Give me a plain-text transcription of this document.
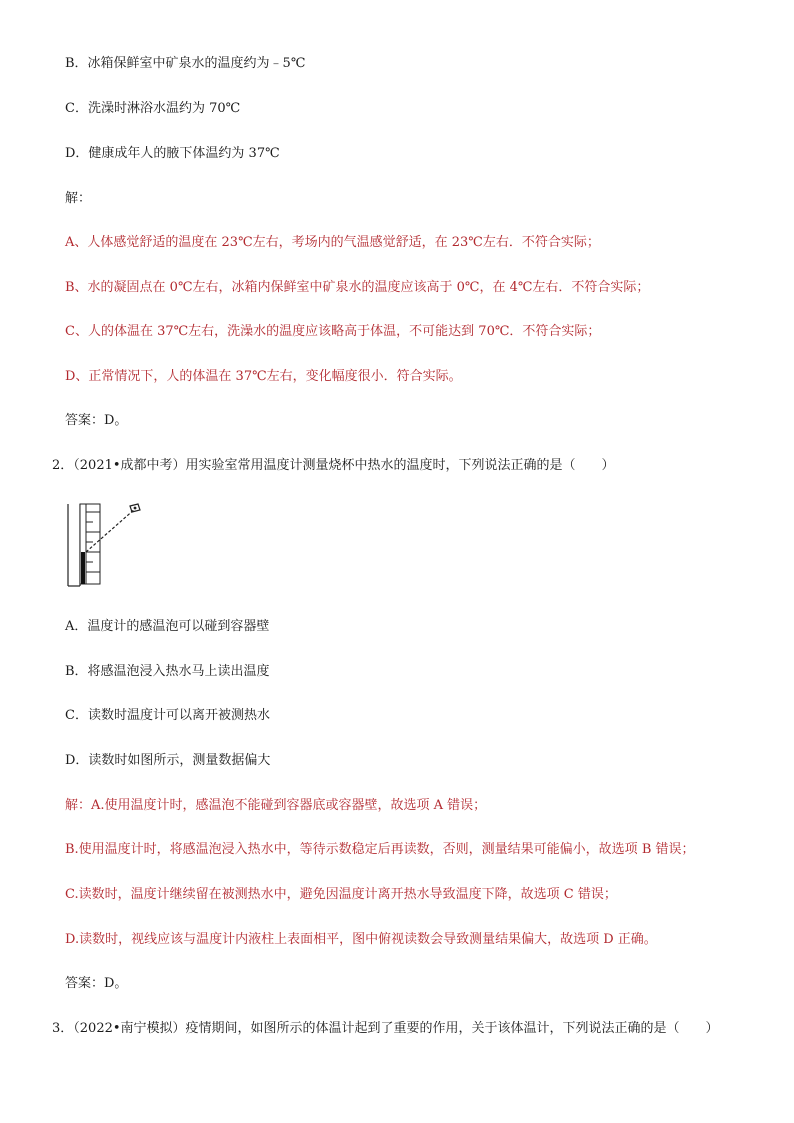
B．冰箱保鲜室中矿泉水的温度约为﹣5℃
C．洗澡时淋浴水温约为 70℃
D．健康成年人的腋下体温约为 37℃
解：
A、人体感觉舒适的温度在 23℃左右，考场内的气温感觉舒适，在 23℃左右．不符合实际；
B、水的凝固点在 0℃左右，冰箱内保鲜室中矿泉水的温度应该高于 0℃，在 4℃左右．不符合实际；
C、人的体温在 37℃左右，洗澡水的温度应该略高于体温，不可能达到 70℃．不符合实际；
D、正常情况下，人的体温在 37℃左右，变化幅度很小．符合实际。
答案：D。
2．（2021•成都中考）用实验室常用温度计测量烧杯中热水的温度时，下列说法正确的是（　　）
A．温度计的感温泡可以碰到容器壁
B．将感温泡浸入热水马上读出温度
C．读数时温度计可以离开被测热水
D．读数时如图所示，测量数据偏大
解：A.使用温度计时，感温泡不能碰到容器底或容器壁，故选项 A 错误；
B.使用温度计时，将感温泡浸入热水中，等待示数稳定后再读数，否则，测量结果可能偏小，故选项 B 错误；
C.读数时，温度计继续留在被测热水中，避免因温度计离开热水导致温度下降，故选项 C 错误；
D.读数时，视线应该与温度计内液柱上表面相平，图中俯视读数会导致测量结果偏大，故选项 D 正确。
答案：D。
3．（2022•南宁模拟）疫情期间，如图所示的体温计起到了重要的作用，关于该体温计，下列说法正确的是（　　）
